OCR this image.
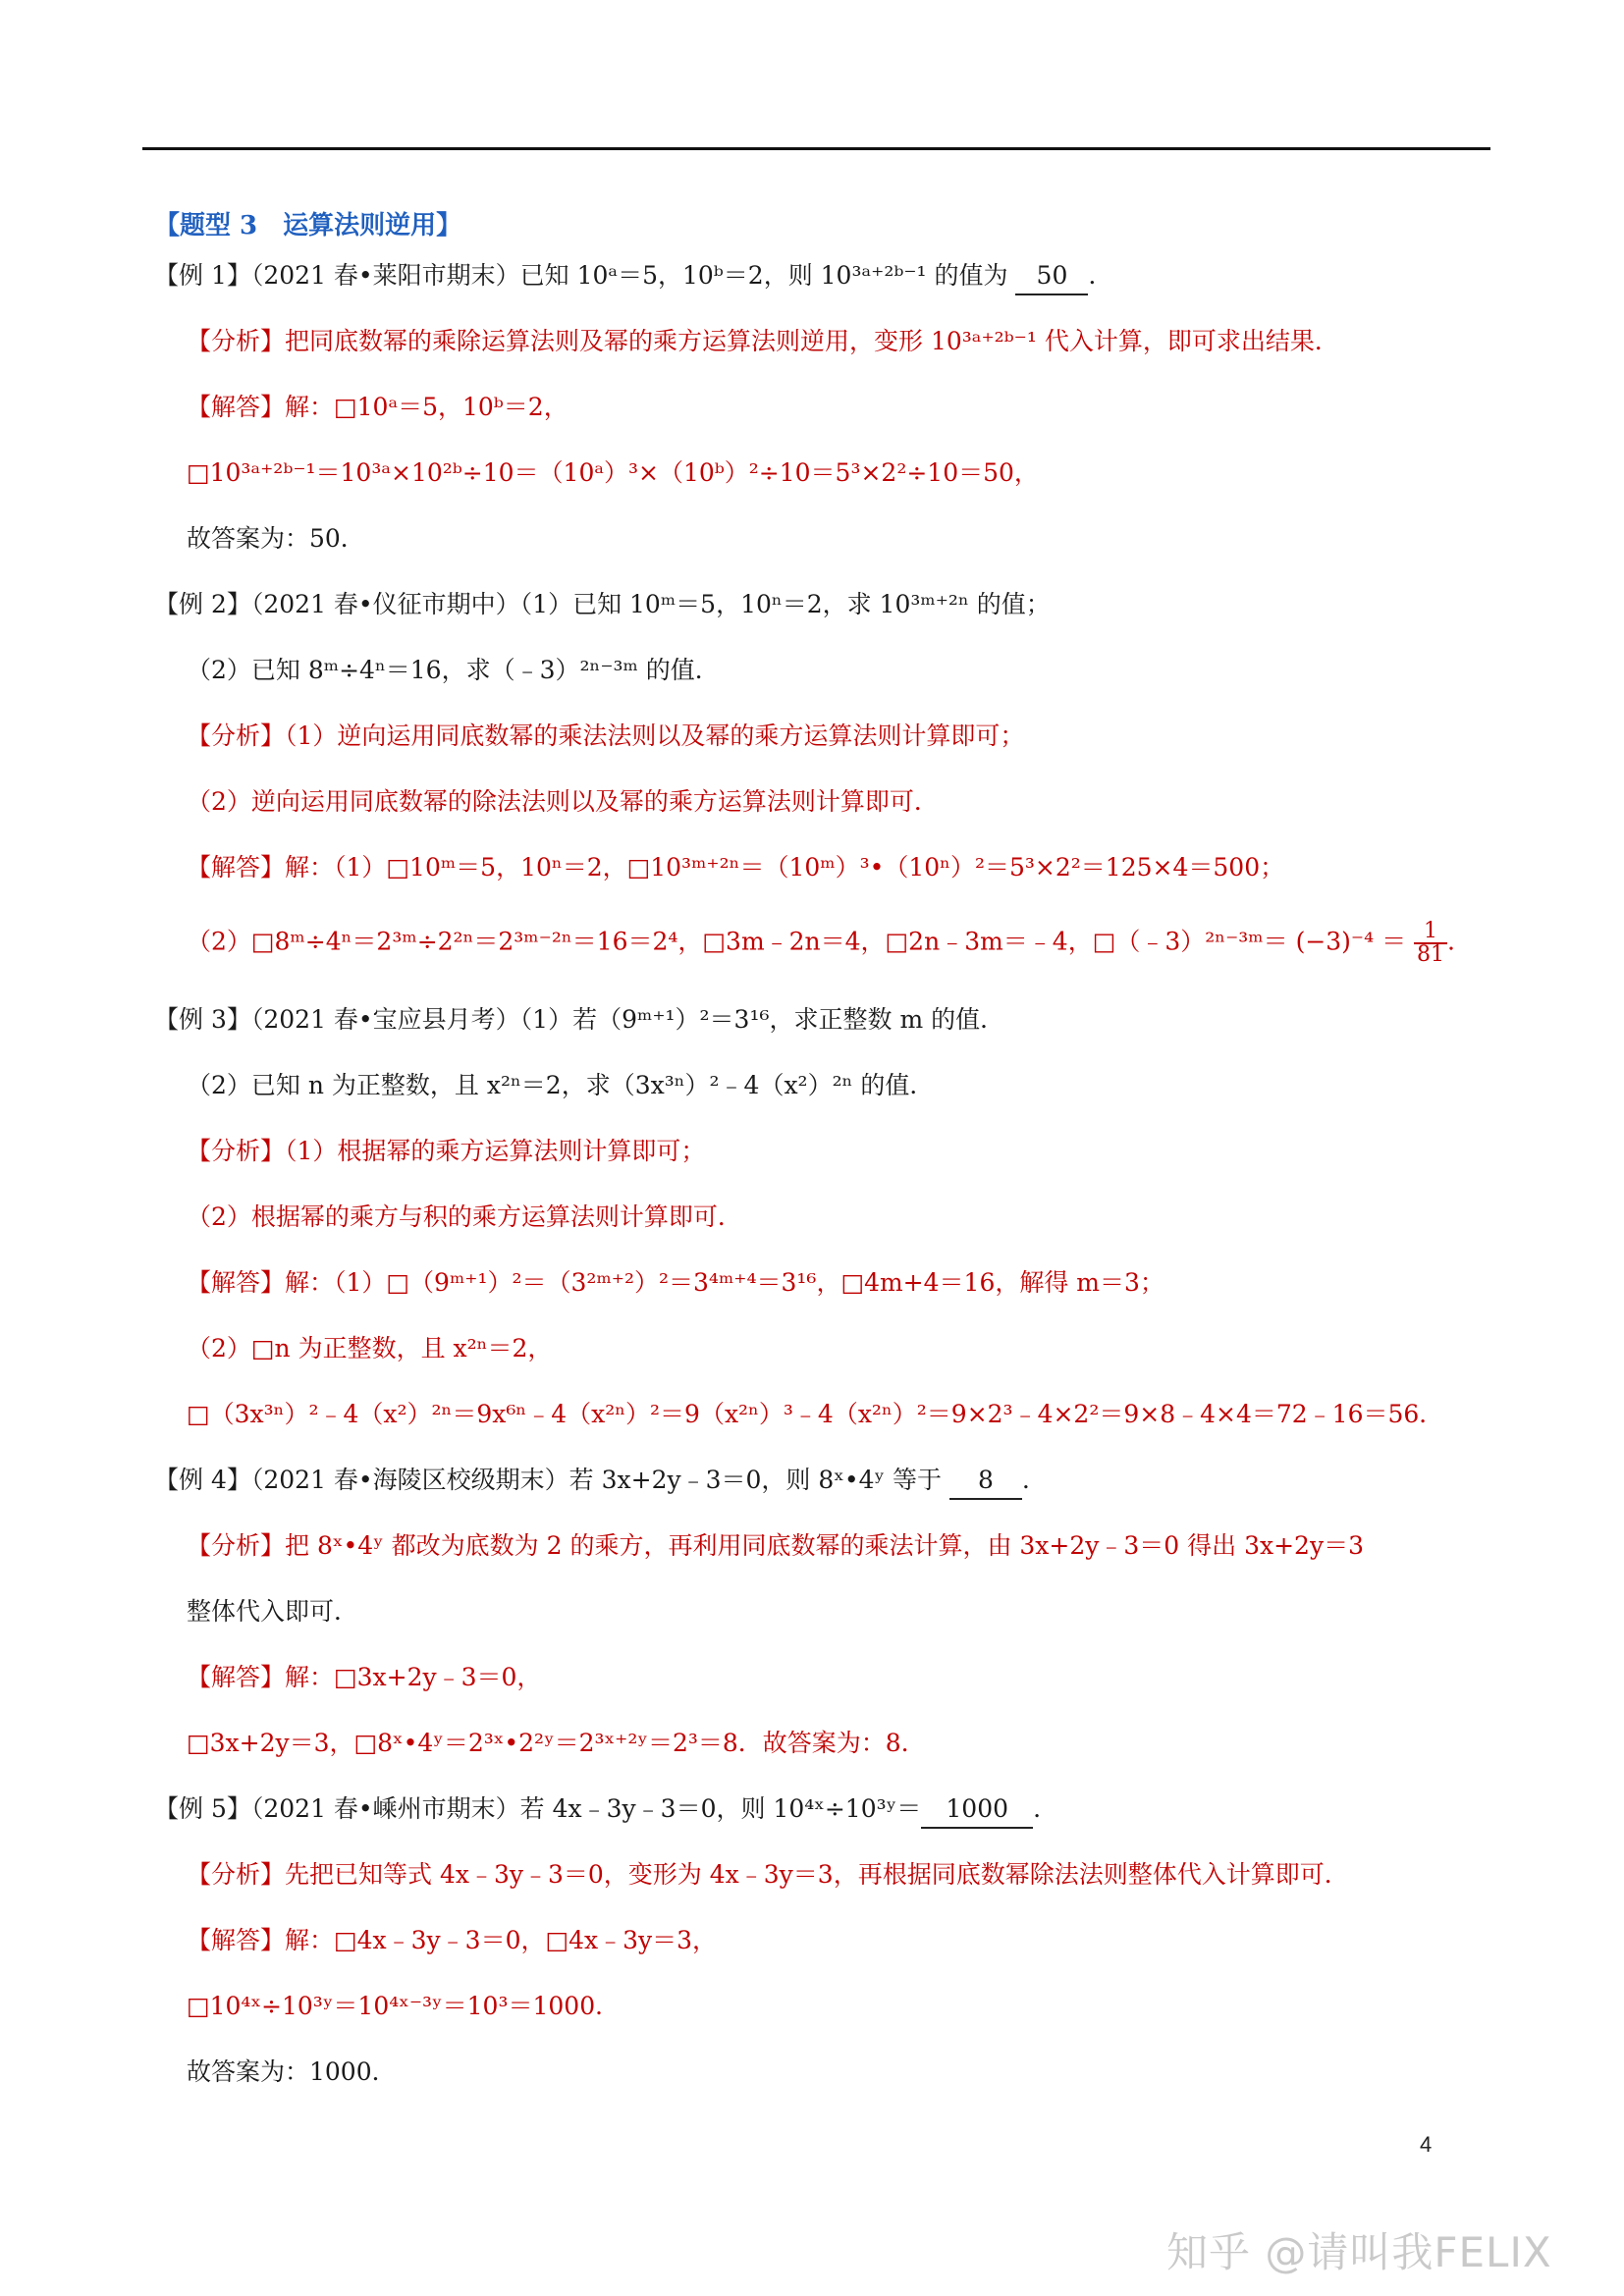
【题型 3　运算法则逆用】
【例 1】（2021 春•莱阳市期末）已知 10ᵃ＝5，10ᵇ＝2，则 10³ᵃ⁺²ᵇ⁻¹ 的值为 50 ．
【分析】把同底数幂的乘除运算法则及幂的乘方运算法则逆用，变形 10³ᵃ⁺²ᵇ⁻¹ 代入计算，即可求出结果．
【解答】解：□10ᵃ＝5，10ᵇ＝2，
□10³ᵃ⁺²ᵇ⁻¹＝10³ᵃ×10²ᵇ÷10＝（10ᵃ）³×（10ᵇ）²÷10＝5³×2²÷10＝50，
故答案为：50．
【例 2】（2021 春•仪征市期中）（1）已知 10ᵐ＝5，10ⁿ＝2，求 10³ᵐ⁺²ⁿ 的值；
（2）已知 8ᵐ÷4ⁿ＝16，求（﹣3）²ⁿ⁻³ᵐ 的值．
【分析】（1）逆向运用同底数幂的乘法法则以及幂的乘方运算法则计算即可；
（2）逆向运用同底数幂的除法法则以及幂的乘方运算法则计算即可．
【解答】解：（1）□10ᵐ＝5，10ⁿ＝2，□10³ᵐ⁺²ⁿ＝（10ᵐ）³•（10ⁿ）²＝5³×2²＝125×4＝500；
（2）□8ᵐ÷4ⁿ＝2³ᵐ÷2²ⁿ＝2³ᵐ⁻²ⁿ＝16＝2⁴，□3m﹣2n＝4，□2n﹣3m＝﹣4，□（﹣3）²ⁿ⁻³ᵐ＝ $(-3)^{-4} = \frac{1}{81}$ .
【例 3】（2021 春•宝应县月考）（1）若（9ᵐ⁺¹）²＝3¹⁶，求正整数 m 的值．
（2）已知 n 为正整数，且 x²ⁿ＝2，求（3x³ⁿ）²﹣4（x²）²ⁿ 的值．
【分析】（1）根据幂的乘方运算法则计算即可；
（2）根据幂的乘方与积的乘方运算法则计算即可．
【解答】解：（1）□（9ᵐ⁺¹）²＝（3²ᵐ⁺²）²＝3⁴ᵐ⁺⁴＝3¹⁶，□4m+4＝16，解得 m＝3；
（2）□n 为正整数，且 x²ⁿ＝2，
□（3x³ⁿ）²﹣4（x²）²ⁿ＝9x⁶ⁿ﹣4（x²ⁿ）²＝9（x²ⁿ）³﹣4（x²ⁿ）²＝9×2³﹣4×2²＝9×8﹣4×4＝72﹣16＝56．
【例 4】（2021 春•海陵区校级期末）若 3x+2y﹣3＝0，则 8ˣ•4ʸ 等于 8 ．
【分析】把 8ˣ•4ʸ 都改为底数为 2 的乘方，再利用同底数幂的乘法计算，由 3x+2y﹣3＝0 得出 3x+2y＝3
整体代入即可．
【解答】解：□3x+2y﹣3＝0，
□3x+2y＝3，□8ˣ•4ʸ＝2³ˣ•2²ʸ＝2³ˣ⁺²ʸ＝2³＝8．故答案为：8．
【例 5】（2021 春•嵊州市期末）若 4x﹣3y﹣3＝0，则 10⁴ˣ÷10³ʸ＝ 1000 ．
【分析】先把已知等式 4x﹣3y﹣3＝0，变形为 4x﹣3y＝3，再根据同底数幂除法法则整体代入计算即可．
【解答】解：□4x﹣3y﹣3＝0，□4x﹣3y＝3，
□10⁴ˣ÷10³ʸ＝10⁴ˣ⁻³ʸ＝10³＝1000．
故答案为：1000．
4
知乎 @请叫我FELIX
